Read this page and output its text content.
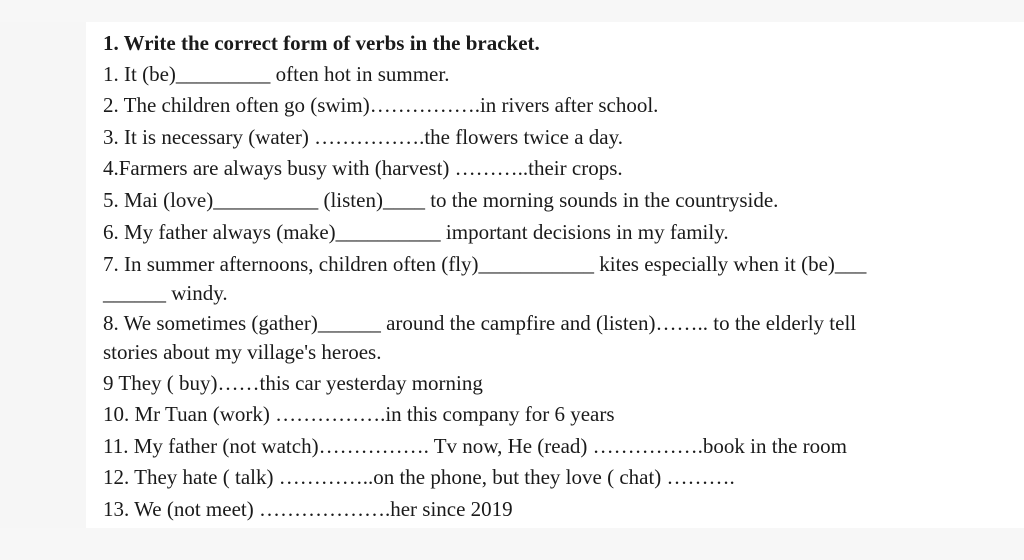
1. Write the correct form of verbs in the bracket.
1. It (be)_________ often hot in summer.
2. The children often go (swim)…………….in rivers after school.
3. It is necessary (water) …………….the flowers twice a day.
4.Farmers are always busy with (harvest) ………..their crops.
5. Mai (love)__________ (listen)____ to the morning sounds in the countryside.
6. My father always (make)__________ important decisions in my family.
7. In summer afternoons, children often (fly)___________ kites especially when it (be)___
______ windy.
8. We sometimes (gather)______ around the campfire and (listen)…….. to the elderly tell
stories about my village's heroes.
9 They ( buy)……this car yesterday morning
10. Mr Tuan (work) …………….in this company for 6 years
11. My father (not watch)……………. Tv now, He (read) …………….book in the room
12. They hate ( talk) …………..on the phone, but they love ( chat) ……….
13. We (not meet) ……………….her since 2019
